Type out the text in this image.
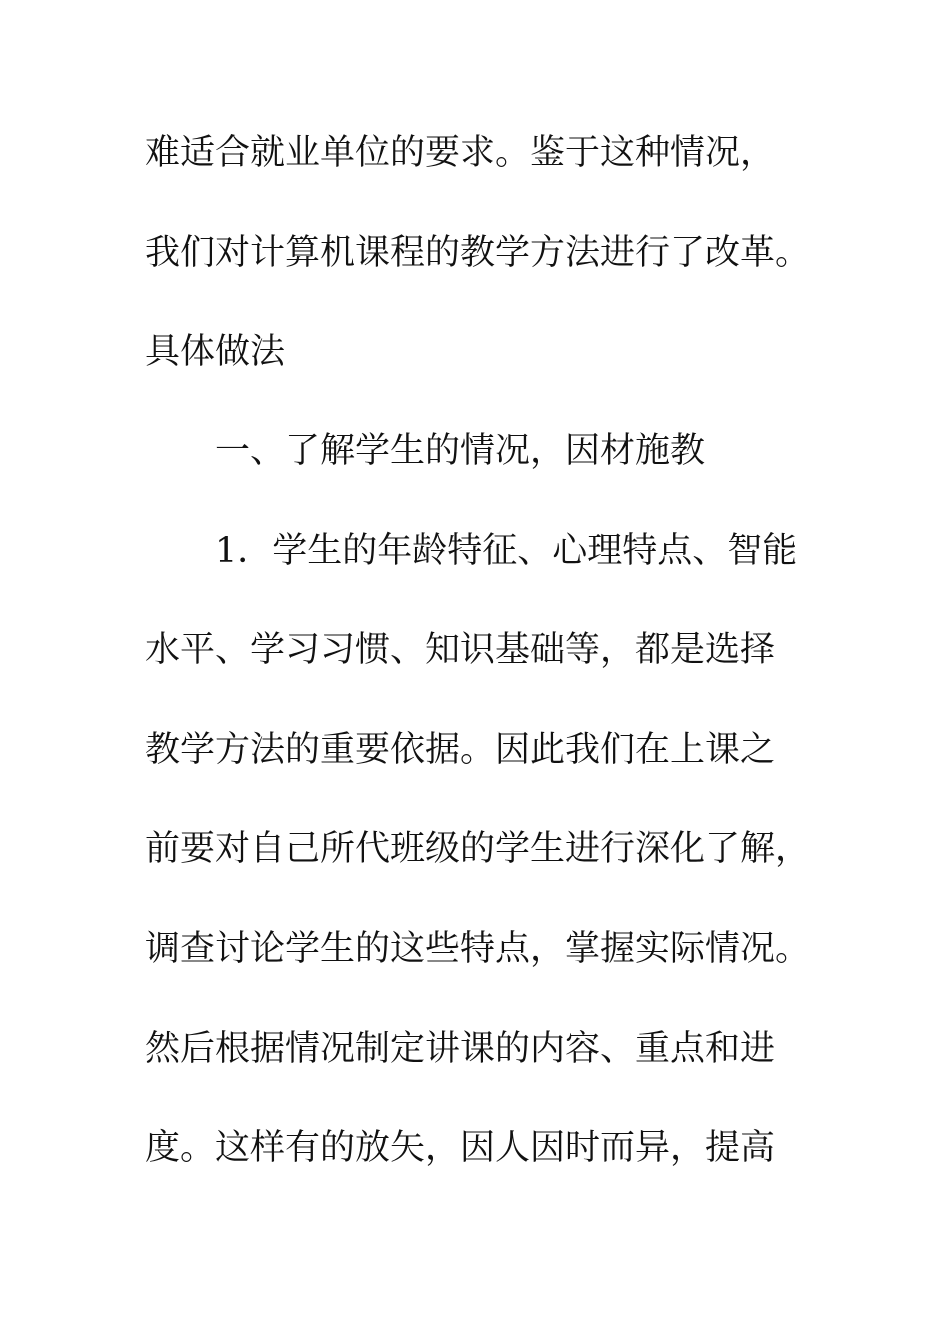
难适合就业单位的要求。鉴于这种情况，

我们对计算机课程的教学方法进行了改革。

具体做法

一、了解学生的情况，因材施教

1．学生的年龄特征、心理特点、智能

水平、学习习惯、知识基础等，都是选择

教学方法的重要依据。因此我们在上课之

前要对自己所代班级的学生进行深化了解，

调查讨论学生的这些特点，掌握实际情况。

然后根据情况制定讲课的内容、重点和进

度。这样有的放矢，因人因时而异，提高
